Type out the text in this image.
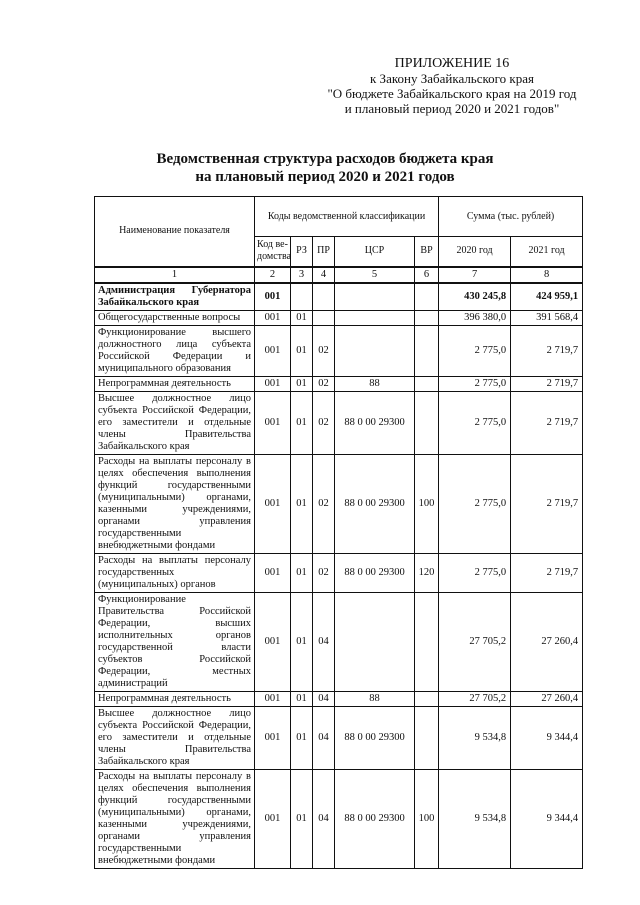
ПРИЛОЖЕНИЕ 16
к Закону Забайкальского края
"О бюджете Забайкальского края на 2019 год
и плановый период 2020 и 2021 годов"
Ведомственная структура расходов бюджета края
на плановый период 2020 и 2021 годов
Наименование показателя	Коды ведомственной классификации					Сумма (тыс. рублей)	
	Код ве-домства	РЗ	ПР	ЦСР	ВР	2020 год	2021 год
1	2	3	4	5	6	7	8
Администрация Губернатора Забайкальского края	001					430 245,8	424 959,1
Общегосударственные вопросы	001	01				396 380,0	391 568,4
Функционирование высшего должностного лица субъекта Российской Федерации и муниципального образования	001	01	02			2 775,0	2 719,7
Непрограммная деятельность	001	01	02	88		2 775,0	2 719,7
Высшее должностное лицо субъекта Российской Федерации, его заместители и отдельные члены Правительства Забайкальского края	001	01	02	88 0 00 29300		2 775,0	2 719,7
Расходы на выплаты персоналу в целях обеспечения выполнения функций государственными (муниципальными) органами, казенными учреждениями, органами управления государственными внебюджетными фондами	001	01	02	88 0 00 29300	100	2 775,0	2 719,7
Расходы на выплаты персоналу государственных (муниципальных) органов	001	01	02	88 0 00 29300	120	2 775,0	2 719,7
Функционирование Правительства Российской Федерации, высших исполнительных органов государственной власти субъектов Российской Федерации, местных администраций	001	01	04			27 705,2	27 260,4
Непрограммная деятельность	001	01	04	88		27 705,2	27 260,4
Высшее должностное лицо субъекта Российской Федерации, его заместители и отдельные члены Правительства Забайкальского края	001	01	04	88 0 00 29300		9 534,8	9 344,4
Расходы на выплаты персоналу в целях обеспечения выполнения функций государственными (муниципальными) органами, казенными учреждениями, органами управления государственными внебюджетными фондами	001	01	04	88 0 00 29300	100	9 534,8	9 344,4
